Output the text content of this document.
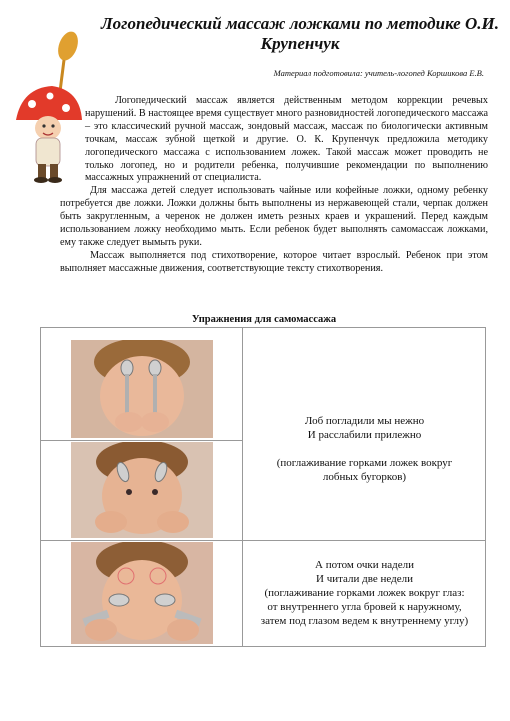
Логопедический массаж ложками по методике О.И. Крупенчук

Материал подготовила: учитель-логопед Коршикова Е.В.

Логопедический массаж является действенным методом коррекции речевых нарушений. В настоящее время существует много разновидностей логопедического массажа – это классический ручной массаж, зондовый массаж, массаж по биологически активным точкам, массаж зубной щеткой и другие. О. К. Крупенчук предложила методику логопедического массажа с использованием ложек. Такой массаж может проводить не только логопед, но и родители ребенка, получившие рекомендации по выполнению массажных упражнений от специалиста.

Для массажа детей следует использовать чайные или кофейные ложки, одному ребенку потребуется две ложки. Ложки должны быть выполнены из нержавеющей стали, черпак должен быть закругленным, а черенок не должен иметь резных краев и украшений. Перед каждым использованием ложку необходимо мыть. Если ребенок будет выполнять самомассаж ложками, ему также следует вымыть руки.

Массаж выполняется под стихотворение, которое читает взрослый. Ребенок при этом выполняет массажные движения, соответствующие тексту стихотворения.

Упражнения для самомассажа

Лоб погладили мы нежно
И расслабили прилежно
(поглаживание горками ложек вокруг
лобных бугорков)
А потом очки надели
И читали две недели
(поглаживание горками ложек вокруг глаз:
от внутреннего угла бровей к наружному,
затем под глазом ведем к внутреннему углу)
